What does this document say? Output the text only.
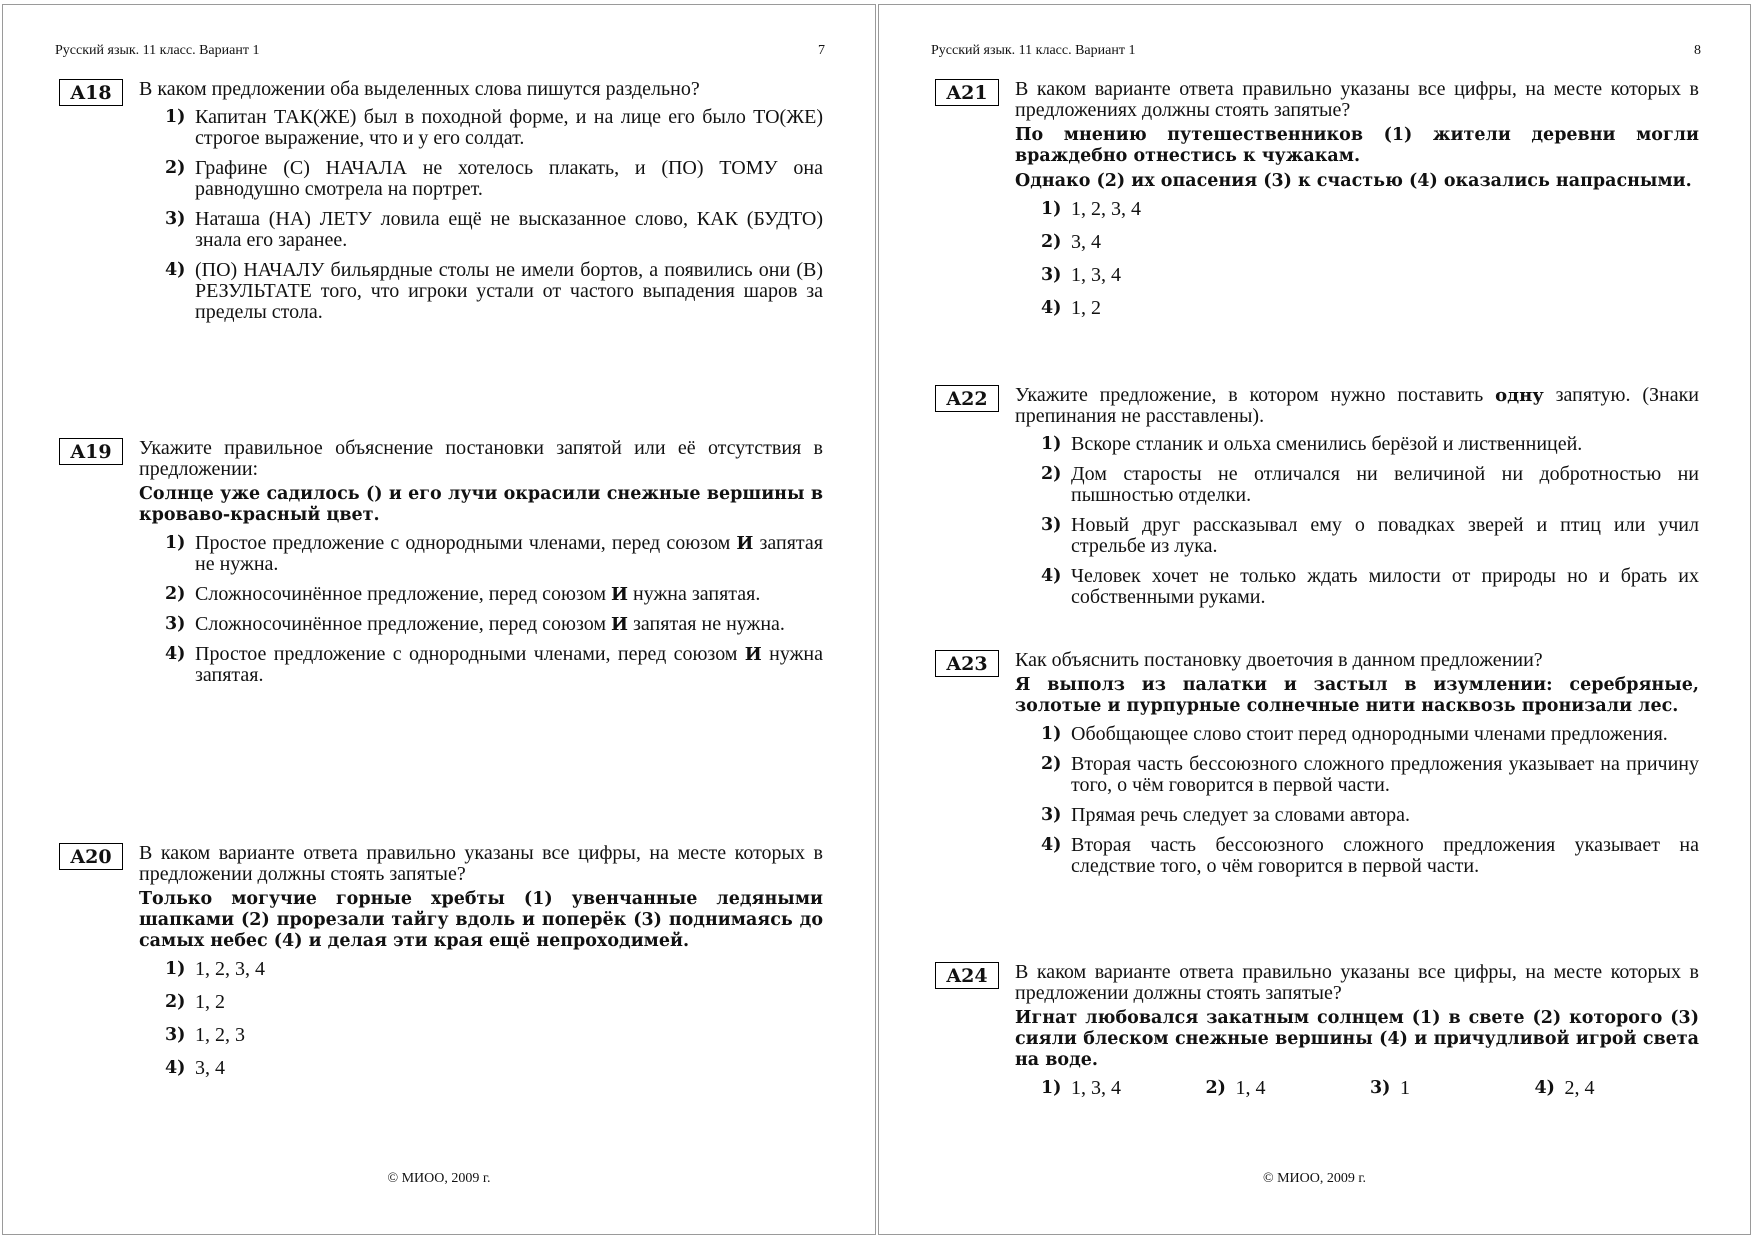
Русский язык. 11 класс. Вариант 1	7
A18	В каком предложении оба выделенных слова пишутся раздельно?
1) Капитан ТАК(ЖЕ) был в походной форме, и на лице его было ТО(ЖЕ) строгое выражение, что и у его солдат.
2) Графине (С) НАЧАЛА не хотелось плакать, и (ПО) ТОМУ она равнодушно смотрела на портрет.
3) Наташа (НА) ЛЕТУ ловила ещё не высказанное слово, КАК (БУДТО) знала его заранее.
4) (ПО) НАЧАЛУ бильярдные столы не имели бортов, а появились они (В) РЕЗУЛЬТАТЕ того, что игроки устали от частого выпадения шаров за пределы стола.
A19	Укажите правильное объяснение постановки запятой или её отсутствия в предложении:
Солнце уже садилось () и его лучи окрасили снежные вершины в кроваво-красный цвет.
1) Простое предложение с однородными членами, перед союзом И запятая не нужна.
2) Сложносочинённое предложение, перед союзом И нужна запятая.
3) Сложносочинённое предложение, перед союзом И запятая не нужна.
4) Простое предложение с однородными членами, перед союзом И нужна запятая.
A20	В каком варианте ответа правильно указаны все цифры, на месте которых в предложении должны стоять запятые?
Только могучие горные хребты (1) увенчанные ледяными шапками (2) прорезали тайгу вдоль и поперёк (3) поднимаясь до самых небес (4) и делая эти края ещё непроходимей.
1) 1, 2, 3, 4
2) 1, 2
3) 1, 2, 3
4) 3, 4
© МИОО, 2009 г.
Русский язык. 11 класс. Вариант 1	8
A21	В каком варианте ответа правильно указаны все цифры, на месте которых в предложениях должны стоять запятые?
По мнению путешественников (1) жители деревни могли враждебно отнестись к чужакам.
Однако (2) их опасения (3) к счастью (4) оказались напрасными.
1) 1, 2, 3, 4
2) 3, 4
3) 1, 3, 4
4) 1, 2
A22	Укажите предложение, в котором нужно поставить одну запятую. (Знаки препинания не расставлены).
1) Вскоре стланик и ольха сменились берёзой и лиственницей.
2) Дом старосты не отличался ни величиной ни добротностью ни пышностью отделки.
3) Новый друг рассказывал ему о повадках зверей и птиц или учил стрельбе из лука.
4) Человек хочет не только ждать милости от природы но и брать их собственными руками.
A23	Как объяснить постановку двоеточия в данном предложении?
Я выполз из палатки и застыл в изумлении: серебряные, золотые и пурпурные солнечные нити насквозь пронизали лес.
1) Обобщающее слово стоит перед однородными членами предложения.
2) Вторая часть бессоюзного сложного предложения указывает на причину того, о чём говорится в первой части.
3) Прямая речь следует за словами автора.
4) Вторая часть бессоюзного сложного предложения указывает на следствие того, о чём говорится в первой части.
A24	В каком варианте ответа правильно указаны все цифры, на месте которых в предложении должны стоять запятые?
Игнат любовался закатным солнцем (1) в свете (2) которого (3) сияли блеском снежные вершины (4) и причудливой игрой света на воде.
1) 1, 3, 4	2) 1, 4	3) 1	4) 2, 4
© МИОО, 2009 г.
